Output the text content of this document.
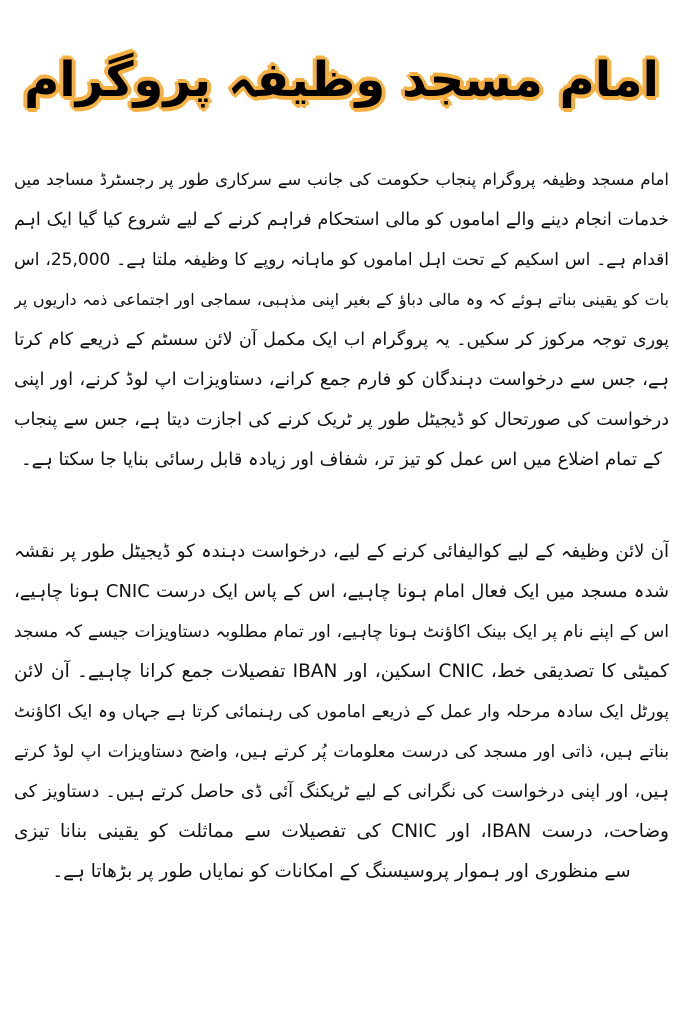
امام مسجد وظیفہ پروگرام
امام مسجد وظیفہ پروگرام پنجاب حکومت کی جانب سے سرکاری طور پر رجسٹرڈ مساجد میں
خدمات انجام دینے والے اماموں کو مالی استحکام فراہم کرنے کے لیے شروع کیا گیا ایک اہم
اقدام ہے۔ اس اسکیم کے تحت اہل اماموں کو ماہانہ روپے کا وظیفہ ملتا ہے۔ 25,000، اس
بات کو یقینی بناتے ہوئے کہ وہ مالی دباؤ کے بغیر اپنی مذہبی، سماجی اور اجتماعی ذمہ داریوں پر
پوری توجہ مرکوز کر سکیں۔ یہ پروگرام اب ایک مکمل آن لائن سسٹم کے ذریعے کام کرتا
ہے، جس سے درخواست دہندگان کو فارم جمع کرانے، دستاویزات اپ لوڈ کرنے، اور اپنی
درخواست کی صورتحال کو ڈیجیٹل طور پر ٹریک کرنے کی اجازت دیتا ہے، جس سے پنجاب
کے تمام اضلاع میں اس عمل کو تیز تر، شفاف اور زیادہ قابل رسائی بنایا جا سکتا ہے۔
آن لائن وظیفہ کے لیے کوالیفائی کرنے کے لیے، درخواست دہندہ کو ڈیجیٹل طور پر نقشہ
شدہ مسجد میں ایک فعال امام ہونا چاہیے، اس کے پاس ایک درست CNIC ہونا چاہیے،
اس کے اپنے نام پر ایک بینک اکاؤنٹ ہونا چاہیے، اور تمام مطلوبہ دستاویزات جیسے کہ مسجد
کمیٹی کا تصدیقی خط، CNIC اسکین، اور IBAN تفصیلات جمع کرانا چاہیے۔ آن لائن
پورٹل ایک سادہ مرحلہ وار عمل کے ذریعے اماموں کی رہنمائی کرتا ہے جہاں وہ ایک اکاؤنٹ
بناتے ہیں، ذاتی اور مسجد کی درست معلومات پُر کرتے ہیں، واضح دستاویزات اپ لوڈ کرتے
ہیں، اور اپنی درخواست کی نگرانی کے لیے ٹریکنگ آئی ڈی حاصل کرتے ہیں۔ دستاویز کی
وضاحت، درست IBAN، اور CNIC کی تفصیلات سے مماثلت کو یقینی بنانا تیزی
سے منظوری اور ہموار پروسیسنگ کے امکانات کو نمایاں طور پر بڑھاتا ہے۔
